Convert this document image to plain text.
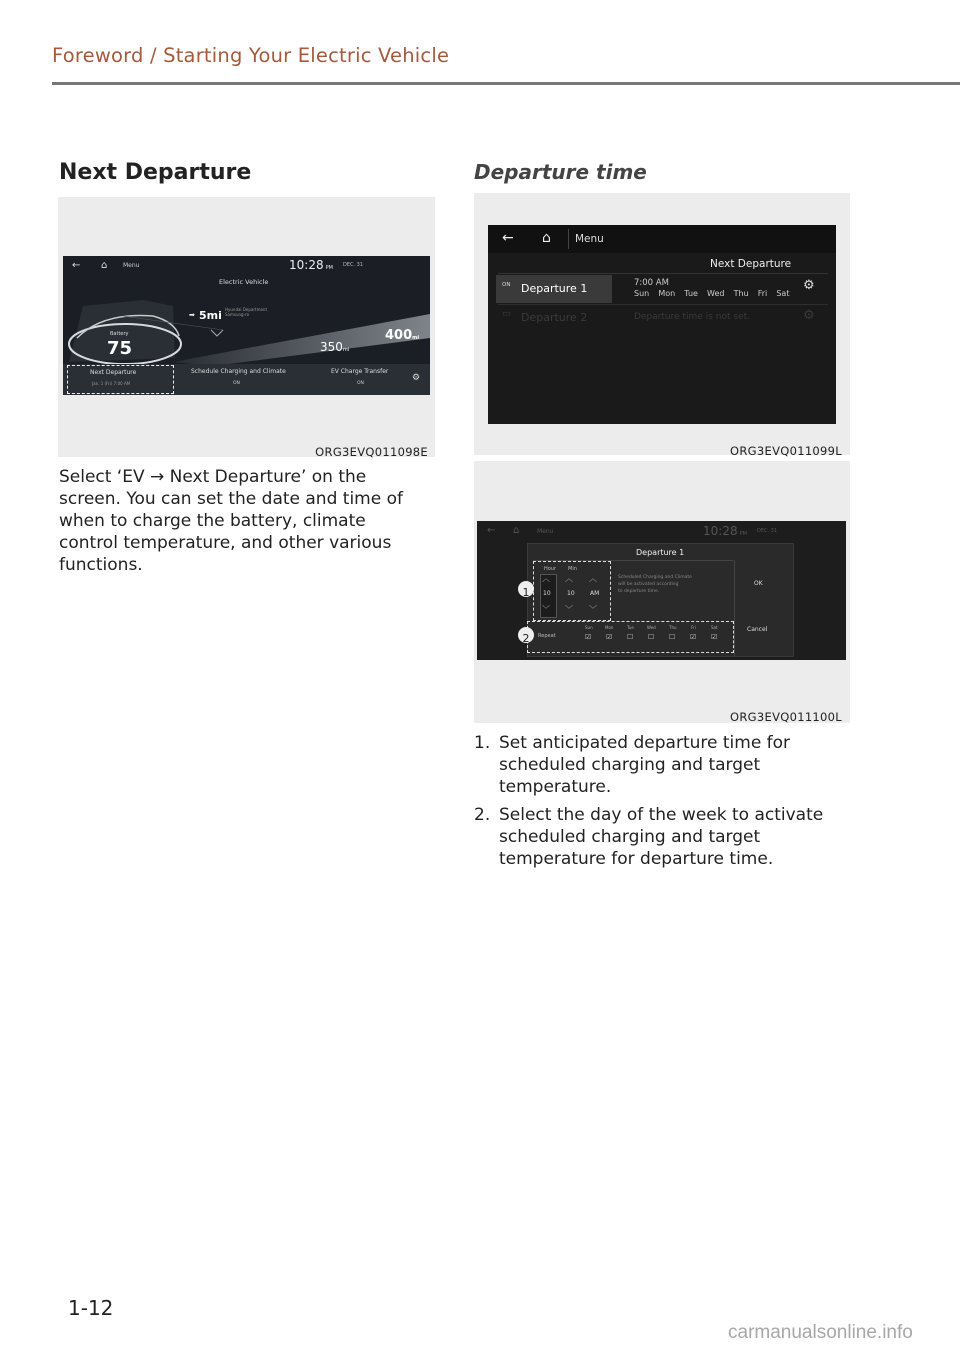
Foreword / Starting Your Electric Vehicle
Next Departure
← ⌂	Menu	10:28 PM DEC. 31
Electric Vehicle
Battery
75
➡ 5mi Hyundai Department
Samsung-ro
350mi
400mi
Next Departure
Jan. 1 (Fri) 7:00 AM
Schedule Charging and Climate
ON
EV Charge Transfer
ON
⚙
ORG3EVQ011098E
Select ‘EV → Next Departure’ on the screen. You can set the date and time of when to charge the battery, climate control temperature, and other various functions.
Departure time
← ⌂ Menu
Next Departure
ON Departure 1	7:00 AM
Sun Mon Tue Wed Thu Fri Sat
⚙
▭ Departure 2	Departure time is not set.	⚙
ORG3EVQ011099L
← ⌂	Menu	10:28 PM DEC. 31
Departure 1
Hour Min
︿ ︿ ︿
10	10	AM
﹀ ﹀ ﹀
Scheduled Charging and Climate
will be activated according
to departure time.
OK
Cancel
Repeat
Sun	Mon	Tue	Wed	Thu	Fri	Sat
☑ ☑ ☐ ☐ ☐ ☑ ☑
1
2
ORG3EVQ011100L
1. Set anticipated departure time for scheduled charging and target temperature.
2. Select the day of the week to activate scheduled charging and target temperature for departure time.
1-12
carmanualsonline.info
